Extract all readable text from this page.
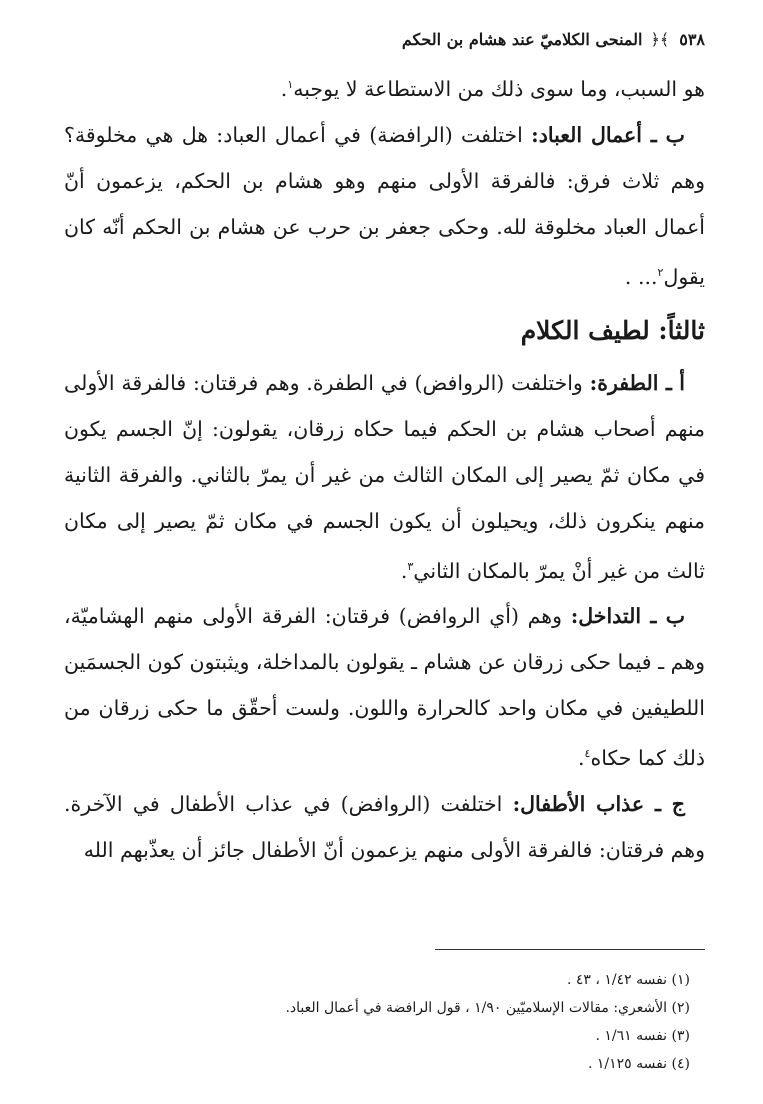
٥٣٨
﴾﴿
المنحى الكلاميّ عند هشام بن الحكم

هو السبب، وما سوى ذلك من الاستطاعة لا يوجبه$^١$.

ب ـ أعمال العباد: اختلفت (الرافضة) في أعمال العباد: هل هي مخلوقة؟ وهم ثلاث فرق: فالفرقة الأولى منهم وهو هشام بن الحكم، يزعمون أنّ أعمال العباد مخلوقة لله. وحكى جعفر بن حرب عن هشام بن الحكم أنّه كان يقول$^٢$... .

ثالثاً: لطيف الكلام

أ ـ الطفرة: واختلفت (الروافض) في الطفرة. وهم فرقتان: فالفرقة الأولى منهم أصحاب هشام بن الحكم فيما حكاه زرقان، يقولون: إنّ الجسم يكون في مكان ثمّ يصير إلى المكان الثالث من غير أن يمرّ بالثاني. والفرقة الثانية منهم ينكرون ذلك، ويحيلون أن يكون الجسم في مكان ثمّ يصير إلى مكان ثالث من غير أنْ يمرّ بالمكان الثاني$^٣$.

ب ـ التداخل: وهم (أي الروافض) فرقتان: الفرقة الأولى منهم الهشاميّة، وهم ـ فيما حكى زرقان عن هشام ـ يقولون بالمداخلة، ويثبتون كون الجسمَين اللطيفين في مكان واحد كالحرارة واللون. ولست أحقّق ما حكى زرقان من ذلك كما حكاه$^٤$.

ج ـ عذاب الأطفال: اختلفت (الروافض) في عذاب الأطفال في الآخرة. وهم فرقتان: فالفرقة الأولى منهم يزعمون أنّ الأطفال جائز أن يعذّبهم الله

(١) نفسه ١/٤٢ ، ٤٣ .
(٢) الأشعري: مقالات الإسلاميّين ١/٩٠ ، قول الرافضة في أعمال العباد.
(٣) نفسه ١/٦١ .
(٤) نفسه ١/١٢٥ .
